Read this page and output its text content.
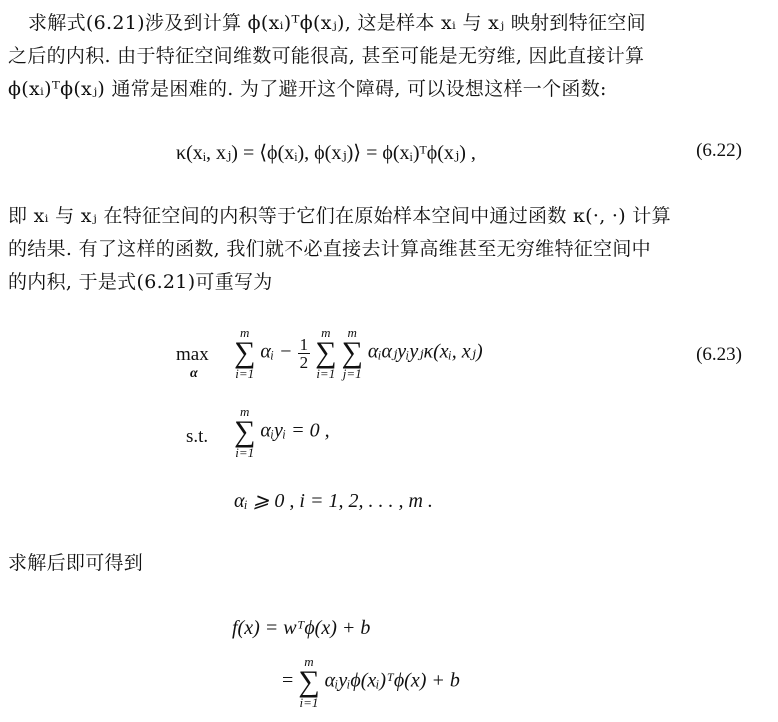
求解式(6.21)涉及到计算 ϕ(xᵢ)ᵀϕ(xⱼ), 这是样本 xᵢ 与 xⱼ 映射到特征空间
之后的内积. 由于特征空间维数可能很高, 甚至可能是无穷维, 因此直接计算
ϕ(xᵢ)ᵀϕ(xⱼ) 通常是困难的. 为了避开这个障碍, 可以设想这样一个函数:
κ(xᵢ, xⱼ) = ⟨ϕ(xᵢ), ϕ(xⱼ)⟩ = ϕ(xᵢ)ᵀϕ(xⱼ) ,	(6.22)
即 xᵢ 与 xⱼ 在特征空间的内积等于它们在原始样本空间中通过函数 κ(·, ·) 计算
的结果. 有了这样的函数, 我们就不必直接去计算高维甚至无穷维特征空间中
的内积, 于是式(6.21)可重写为
max
α
m
∑
i=1
αᵢ − $\frac{1}{2}$

m
∑
i=1

m
∑
j=1
αᵢαⱼyᵢyⱼκ(xᵢ, xⱼ)	(6.23)
s.t.
m
∑
i=1
αᵢyᵢ = 0 ,
αᵢ ⩾ 0 , i = 1, 2, . . . , m .
求解后即可得到
f(x) = wᵀϕ(x) + b
=
m
∑
i=1
αᵢyᵢϕ(xᵢ)ᵀϕ(x) + b
